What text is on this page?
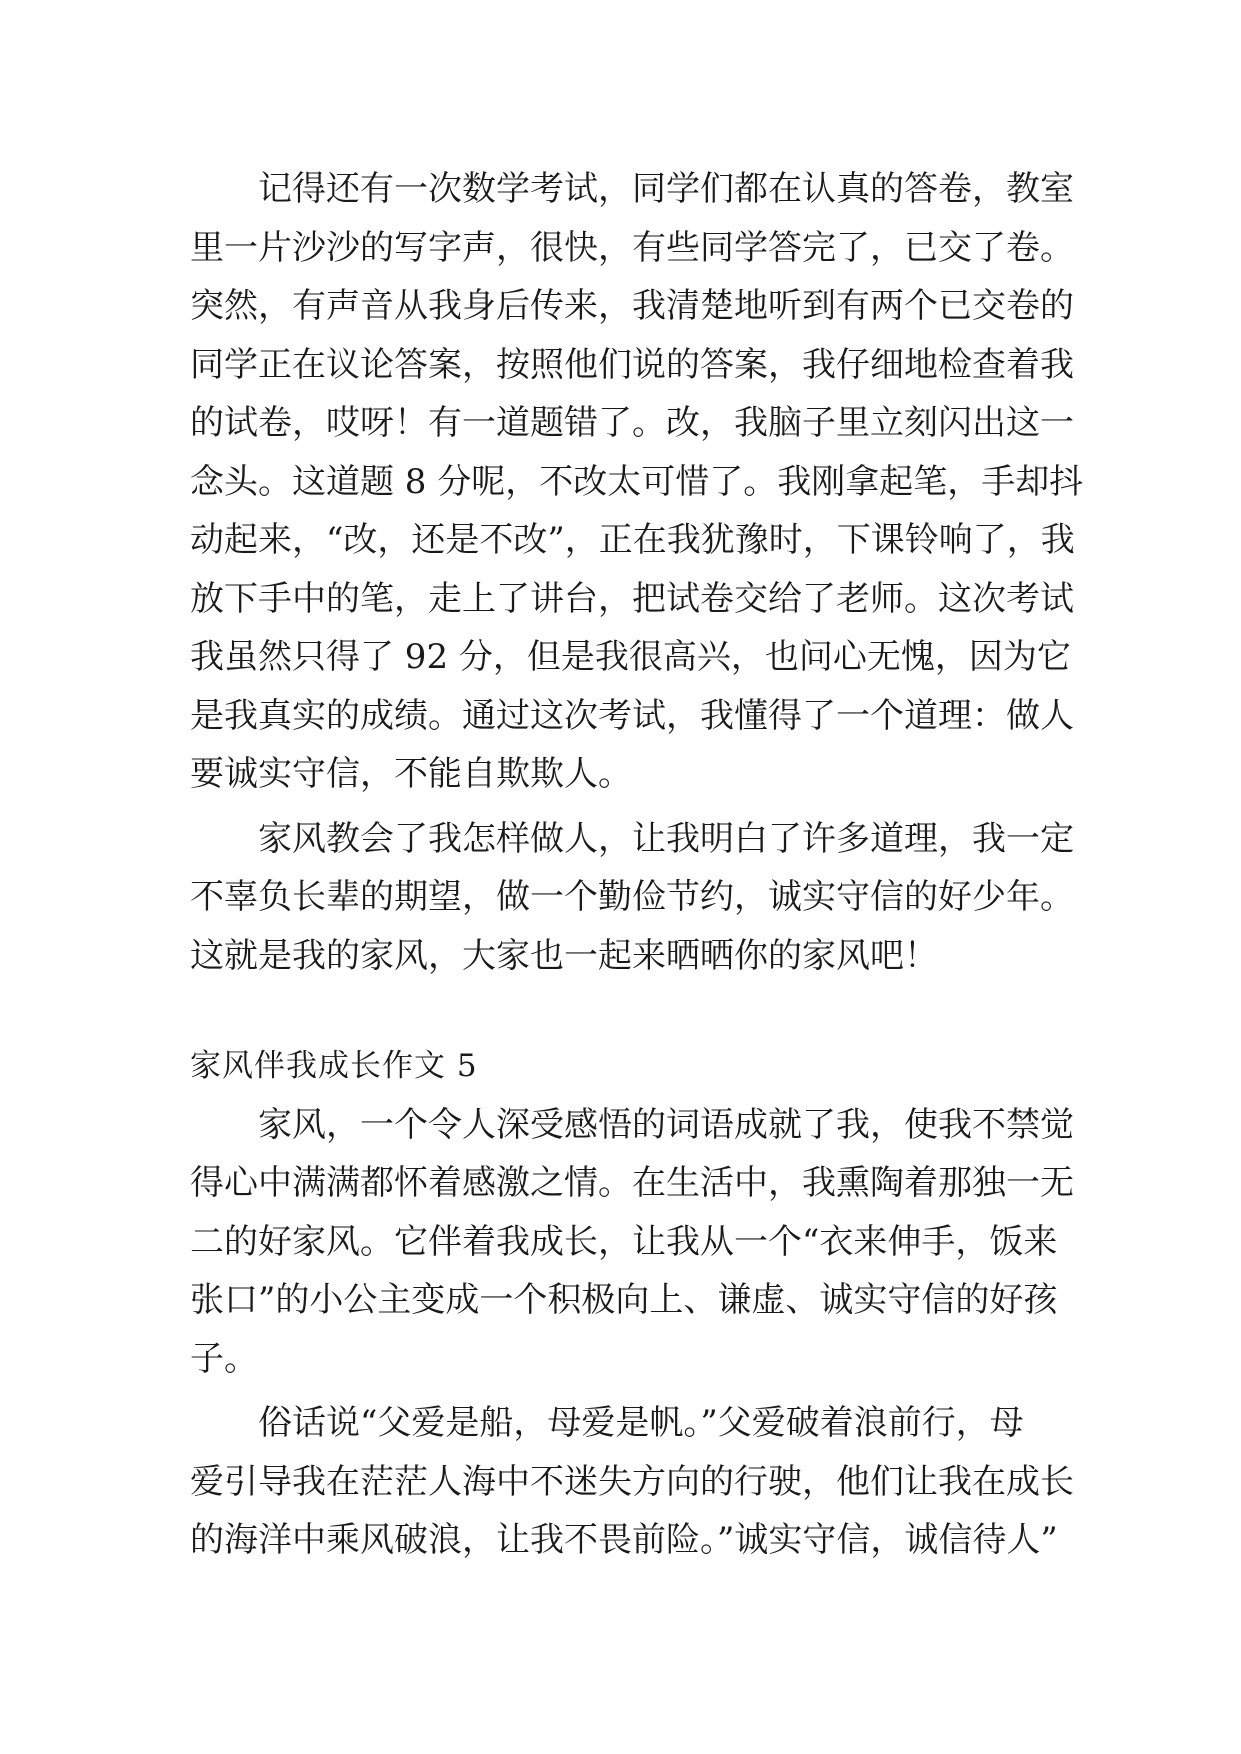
记得还有一次数学考试，同学们都在认真的答卷，教室
里一片沙沙的写字声，很快，有些同学答完了，已交了卷。
突然，有声音从我身后传来，我清楚地听到有两个已交卷的
同学正在议论答案，按照他们说的答案，我仔细地检查着我
的试卷，哎呀！有一道题错了。改，我脑子里立刻闪出这一
念头。这道题 8 分呢，不改太可惜了。我刚拿起笔，手却抖
动起来，“改，还是不改”，正在我犹豫时，下课铃响了，我
放下手中的笔，走上了讲台，把试卷交给了老师。这次考试
我虽然只得了 92 分，但是我很高兴，也问心无愧，因为它
是我真实的成绩。通过这次考试，我懂得了一个道理：做人
要诚实守信，不能自欺欺人。
家风教会了我怎样做人，让我明白了许多道理，我一定
不辜负长辈的期望，做一个勤俭节约，诚实守信的好少年。
这就是我的家风，大家也一起来晒晒你的家风吧！
家风伴我成长作文 5
家风，一个令人深受感悟的词语成就了我，使我不禁觉
得心中满满都怀着感激之情。在生活中，我熏陶着那独一无
二的好家风。它伴着我成长，让我从一个“衣来伸手，饭来
张口”的小公主变成一个积极向上、谦虚、诚实守信的好孩
子。
俗话说“父爱是船，母爱是帆。”父爱破着浪前行，母
爱引导我在茫茫人海中不迷失方向的行驶，他们让我在成长
的海洋中乘风破浪，让我不畏前险。”诚实守信，诚信待人”
